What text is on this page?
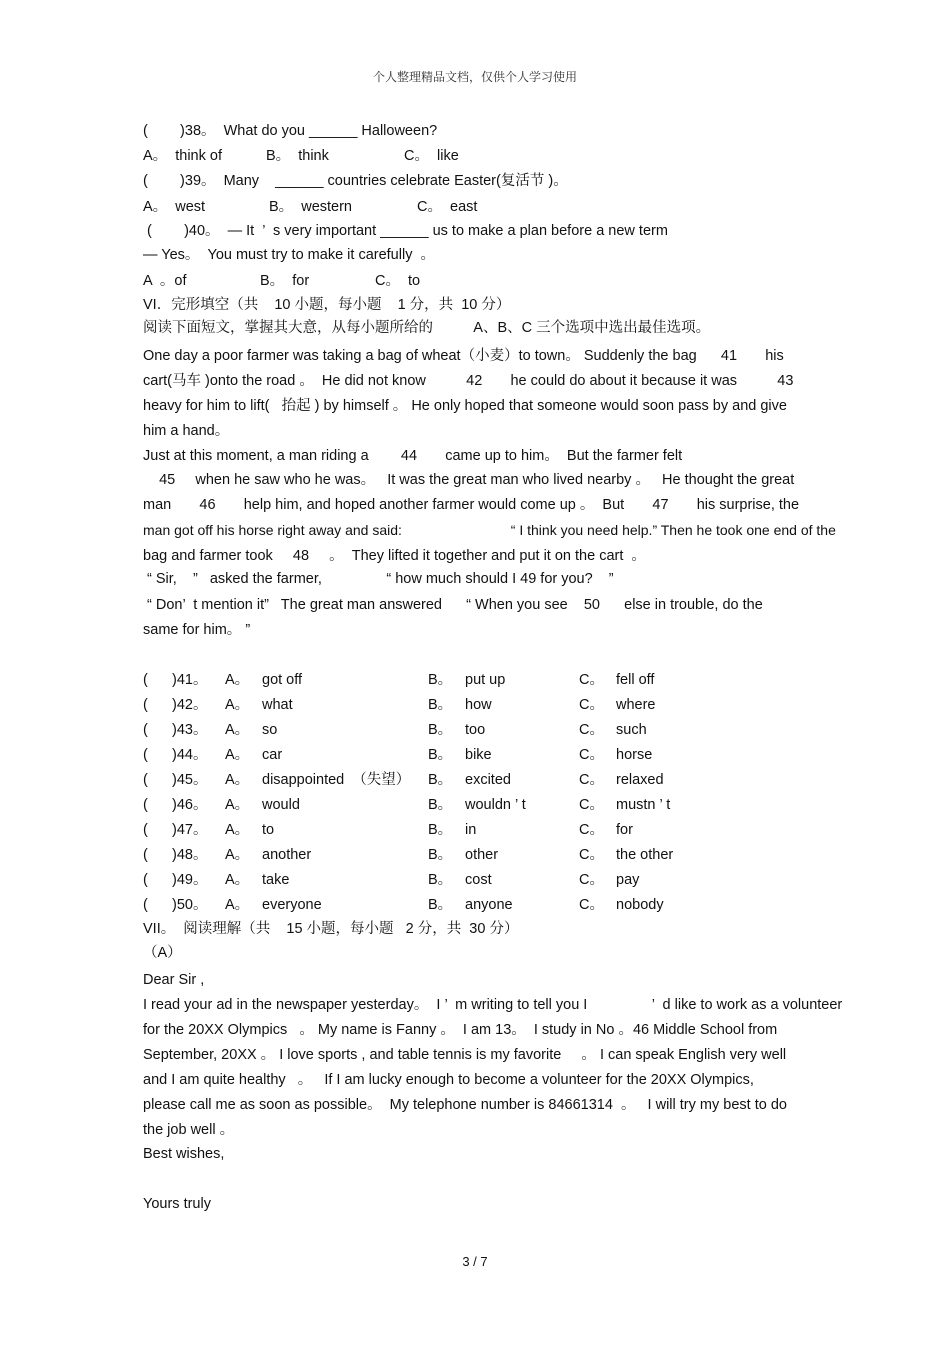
个人整理精品文档，仅供个人学习使用
(        )38。  What do you ______ Halloween?
A。  think of	B。  think	C。  like
(        )39。  Many    ______ countries celebrate Easter(复活节 )。
A。  west	B。  western	C。  east
(        )40。  — It  ’  s very important ______ us to make a plan before a new term
— Yes。  You must try to make it carefully  。
A  。of	B。  for	C。  to
VI．完形填空（共    10 小题，每小题    1 分，共  10 分）
阅读下面短文，掌握其大意，从每小题所给的          A、B、C 三个选项中选出最佳选项。
One day a poor farmer was taking a bag of wheat（小麦）to town。 Suddenly the bag      41       his
cart(马车 )onto the road 。  He did not know          42       he could do about it because it was          43
heavy for him to lift(   抬起 ) by himself 。 He only hoped that someone would soon pass by and give
him a hand。
Just at this moment, a man riding a        44       came up to him。  But the farmer felt
45     when he saw who he was。   It was the great man who lived nearby 。   He thought the great
man       46       help him, and hoped another farmer would come up 。  But       47       his surprise, the
man got off his horse right away and said:                            “ I think you need help.” Then he took one end of the
bag and farmer took     48     。  They lifted it together and put it on the cart  。
“ Sir,    ”   asked the farmer,                “ how much should I 49 for you?    ”
“ Don’  t mention it”   The great man answered      “ When you see    50      else in trouble, do the
same for him。 ”
( )41。 A。 got off	B。 put up	C。 fell off
( )42。 A。 what	B。 how	C。 where
( )43。 A。 so	B。 too	C。 such
( )44。 A。 car	B。 bike	C。 horse
( )45。 A。 disappointed  （失望） B。 excited	C。 relaxed
( )46。 A。 would	B。 wouldn ’ t	C。 mustn ’ t
( )47。 A。 to	B。 in	C。 for
( )48。 A。 another	B。 other	C。 the other
( )49。 A。 take	B。 cost	C。 pay
( )50。 A。 everyone	B。 anyone	C。 nobody
VII。  阅读理解（共    15 小题，每小题   2 分，共  30 分）
（A）
Dear Sir ,
I read your ad in the newspaper yesterday。  I ’  m writing to tell you I                ’  d like to work as a volunteer
for the 20XX Olympics   。 My name is Fanny 。  I am 13。  I study in No 。46 Middle School from
September, 20XX 。 I love sports , and table tennis is my favorite     。 I can speak English very well
and I am quite healthy   。   If I am lucky enough to become a volunteer for the 20XX Olympics,
please call me as soon as possible。  My telephone number is 84661314  。   I will try my best to do
the job well 。
Best wishes,
Yours truly
3 / 7
